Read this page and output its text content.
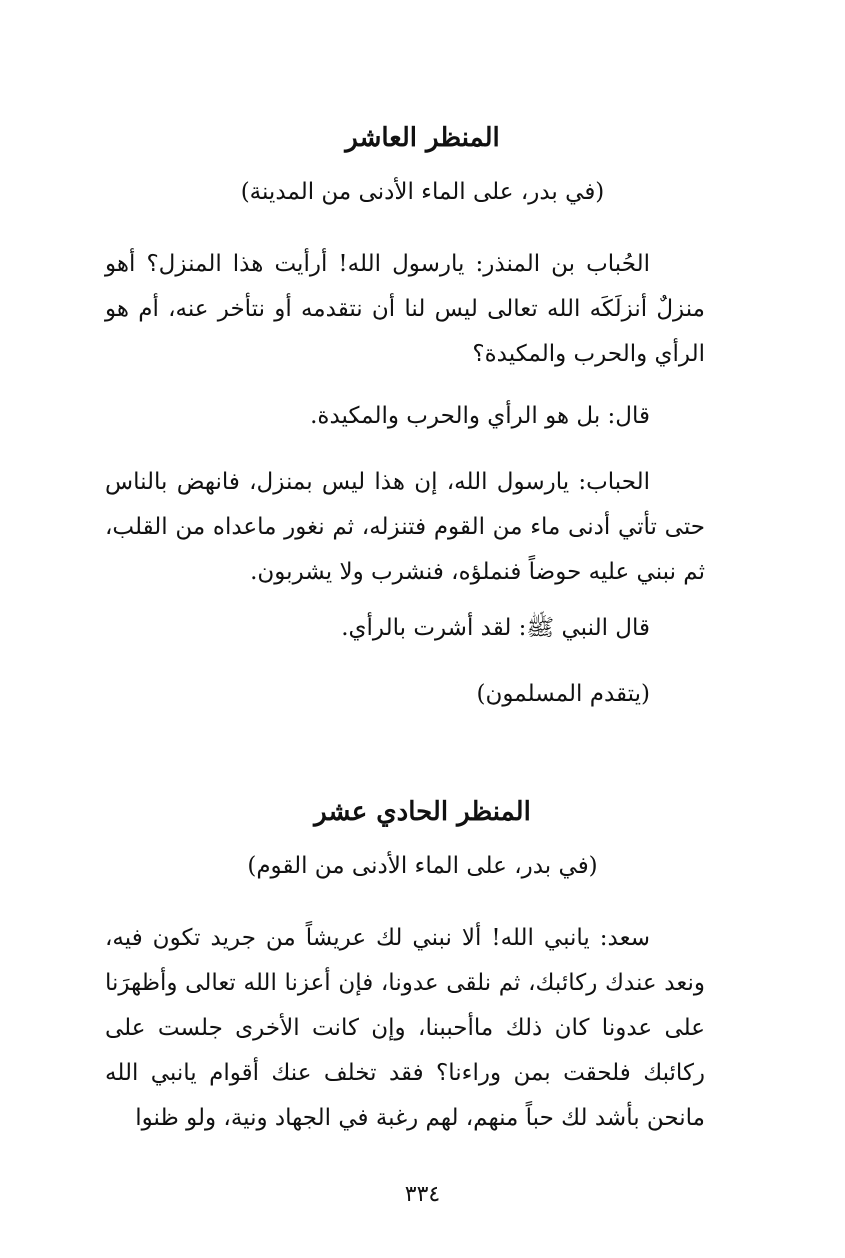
المنظر العاشر
(في بدر، على الماء الأدنى من المدينة)
الحُباب بن المنذر: يارسول الله! أرأيت هذا المنزل؟ أهو منزلٌ أنزلَكَه الله تعالى ليس لنا أن نتقدمه أو نتأخر عنه، أم هو الرأي والحرب والمكيدة؟
قال: بل هو الرأي والحرب والمكيدة.
الحباب: يارسول الله، إن هذا ليس بمنزل، فانهض بالناس حتى تأتي أدنى ماء من القوم فتنزله، ثم نغور ماعداه من القلب، ثم نبني عليه حوضاً فنملؤه، فنشرب ولا يشربون.
قال النبي ﷺ: لقد أشرت بالرأي.
(يتقدم المسلمون)
المنظر الحادي عشر
(في بدر، على الماء الأدنى من القوم)
سعد: يانبي الله! ألا نبني لك عريشاً من جريد تكون فيه، ونعد عندك ركائبك، ثم نلقى عدونا، فإن أعزنا الله تعالى وأظهرَنا على عدونا كان ذلك ماأحببنا، وإن كانت الأخرى جلست على ركائبك فلحقت بمن وراءنا؟ فقد تخلف عنك أقوام يانبي الله مانحن بأشد لك حباً منهم، لهم رغبة في الجهاد ونية، ولو ظنوا
٣٣٤
